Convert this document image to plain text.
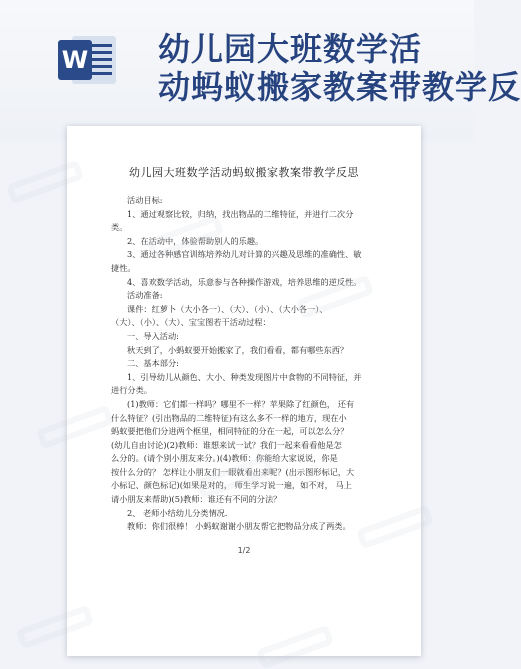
W 幼儿园大班数学活
动蚂蚁搬家教案带教学反
幼儿园大班数学活动蚂蚁搬家教案带教学反思

活动目标:

1、通过观察比较，归纳，找出物品的二维特征，并进行二次分

类。

2、在活动中，体验帮助别人的乐趣。

3、通过各种感官训练培养幼儿对计算的兴趣及思维的准确性、敏

捷性。

4、喜欢数学活动，乐意参与各种操作游戏，培养思维的逆反性。

活动准备:

课件：红萝卜（大小各一）、（大）、（小）、（大小各一）、

（大）、（小）、（大）、宝宝图若干活动过程：

一、导入活动:

秋天到了，小蚂蚁要开始搬家了，我们看看，都有哪些东西？

二、基本部分:

1、引导幼儿从颜色、大小、种类发现图片中食物的不同特征，并

进行分类。

(1)教师：它们都一样吗？哪里不一样？苹果除了红颜色， 还有

什么特征？(引出物品的二维特征)有这么多不一样的地方，现在小

蚂蚁要把他们分进两个框里，相同特征的分在一起，可以怎么分？

(幼儿自由讨论)(2)教师：谁想来试一试？我们一起来看看他是怎

么分的。(请个别小朋友来分。)(4)教师：你能给大家说说，你是

按什么分的？ 怎样让小朋友们一眼就看出来呢？(出示图形标记，大

小标记、颜色标记)(如果是对的， 师生学习说一遍，如不对， 马上

请小朋友来帮助)(5)教师：谁还有不同的分法？

2、 老师小结幼儿分类情况.

教师：你们很棒！ 小蚂蚁谢谢小朋友帮它把物品分成了两类。

1/2
